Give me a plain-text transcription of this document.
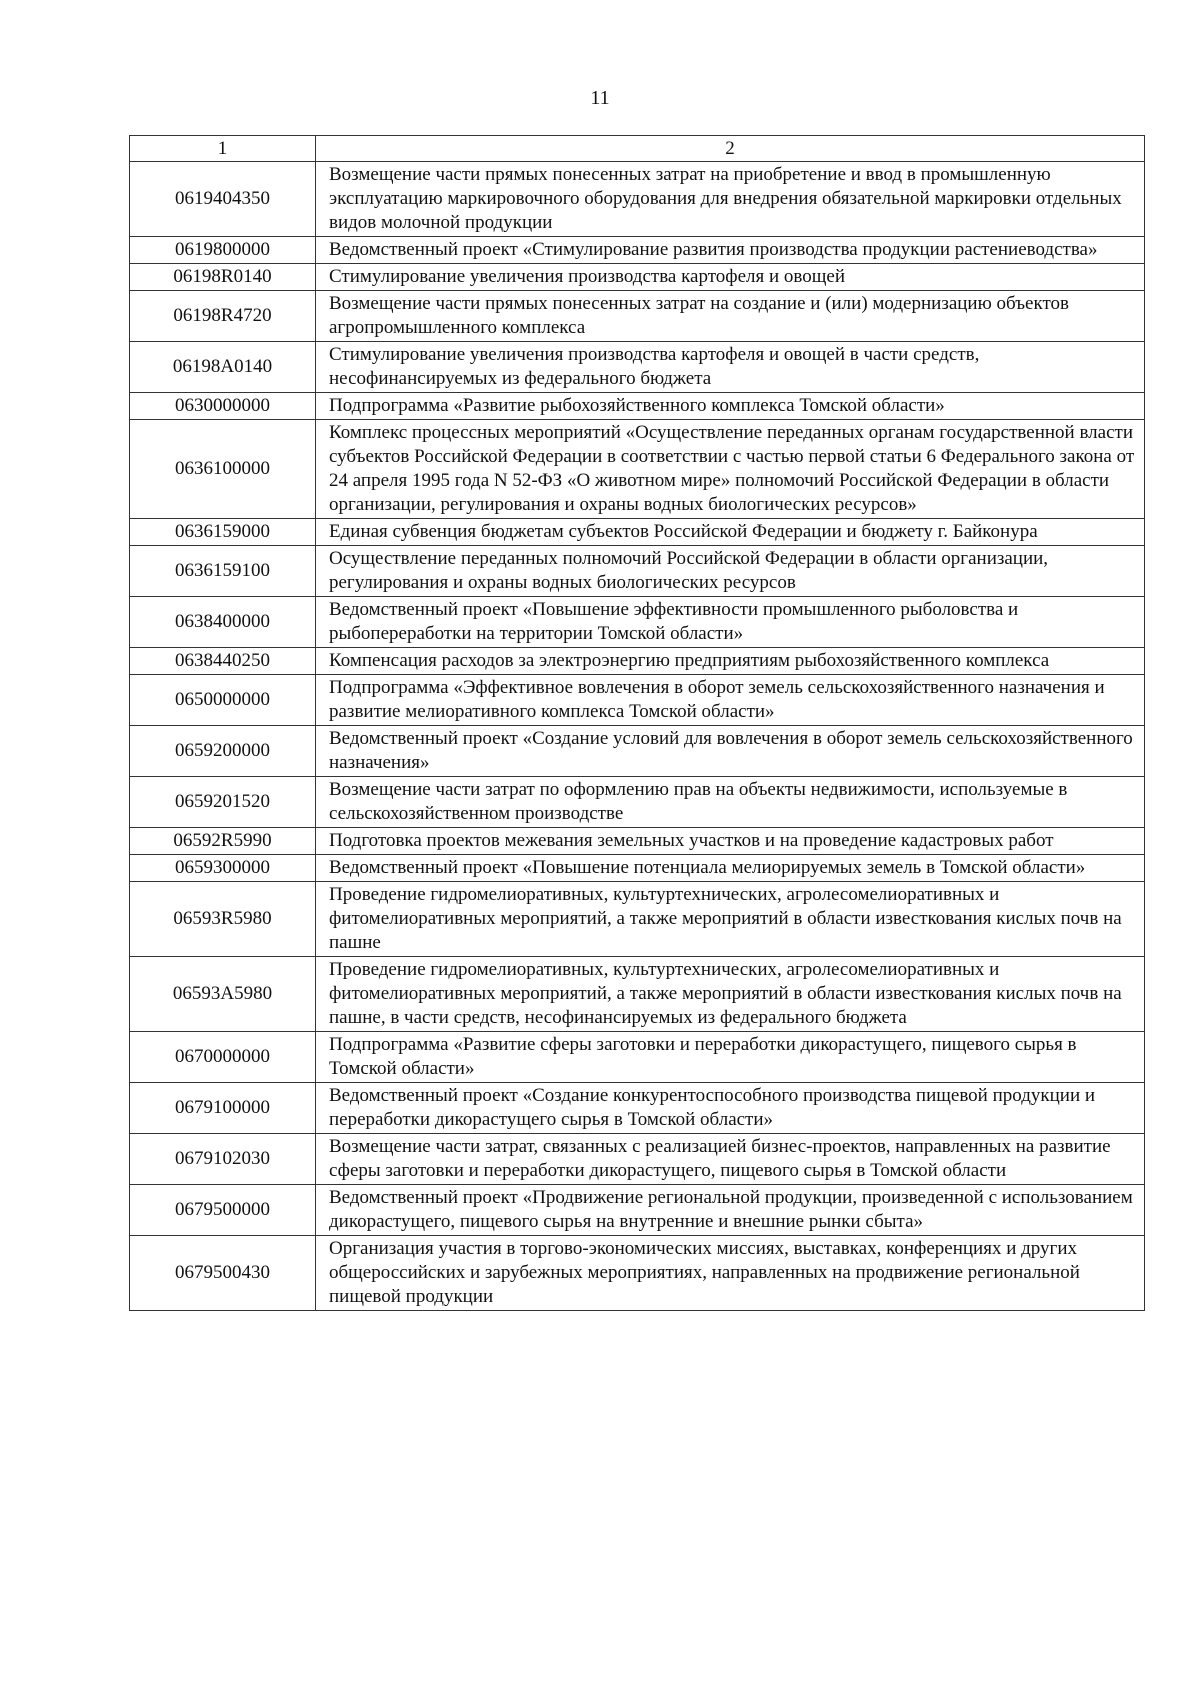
11
1	2
0619404350	Возмещение части прямых понесенных затрат на приобретение и ввод в промышленную эксплуатацию маркировочного оборудования для внедрения обязательной маркировки отдельных видов молочной продукции
0619800000	Ведомственный проект «Стимулирование развития производства продукции растениеводства»
06198R0140	Стимулирование увеличения производства картофеля и овощей
06198R4720	Возмещение части прямых понесенных затрат на создание и (или) модернизацию объектов агропромышленного комплекса
06198A0140	Стимулирование увеличения производства картофеля и овощей в части средств, несофинансируемых из федерального бюджета
0630000000	Подпрограмма «Развитие рыбохозяйственного комплекса Томской области»
0636100000	Комплекс процессных мероприятий «Осуществление переданных органам государственной власти субъектов Российской Федерации в соответствии с частью первой статьи 6 Федерального закона от 24 апреля 1995 года N 52-ФЗ «О животном мире» полномочий Российской Федерации в области организации, регулирования и охраны водных биологических ресурсов»
0636159000	Единая субвенция бюджетам субъектов Российской Федерации и бюджету г. Байконура
0636159100	Осуществление переданных полномочий Российской Федерации в области организации, регулирования и охраны водных биологических ресурсов
0638400000	Ведомственный проект «Повышение эффективности промышленного рыболовства и рыбопереработки на территории Томской области»
0638440250	Компенсация расходов за электроэнергию предприятиям рыбохозяйственного комплекса
0650000000	Подпрограмма «Эффективное вовлечения в оборот земель сельскохозяйственного назначения и развитие мелиоративного комплекса Томской области»
0659200000	Ведомственный проект «Создание условий для вовлечения в оборот земель сельскохозяйственного назначения»
0659201520	Возмещение части затрат по оформлению прав на объекты недвижимости, используемые в сельскохозяйственном производстве
06592R5990	Подготовка проектов межевания земельных участков и на проведение кадастровых работ
0659300000	Ведомственный проект «Повышение потенциала мелиорируемых земель в Томской области»
06593R5980	Проведение гидромелиоративных, культуртехнических, агролесомелиоративных и фитомелиоративных мероприятий, а также мероприятий в области известкования кислых почв на пашне
06593A5980	Проведение гидромелиоративных, культуртехнических, агролесомелиоративных и фитомелиоративных мероприятий, а также мероприятий в области известкования кислых почв на пашне, в части средств, несофинансируемых из федерального бюджета
0670000000	Подпрограмма «Развитие сферы заготовки и переработки дикорастущего, пищевого сырья в Томской области»
0679100000	Ведомственный проект «Создание конкурентоспособного производства пищевой продукции и переработки дикорастущего сырья в Томской области»
0679102030	Возмещение части затрат, связанных с реализацией бизнес-проектов, направленных на развитие сферы заготовки и переработки дикорастущего, пищевого сырья в Томской области
0679500000	Ведомственный проект «Продвижение региональной продукции, произведенной с использованием дикорастущего, пищевого сырья на внутренние и внешние рынки сбыта»
0679500430	Организация участия в торгово-экономических миссиях, выставках, конференциях и других общероссийских и зарубежных мероприятиях, направленных на продвижение региональной пищевой продукции
